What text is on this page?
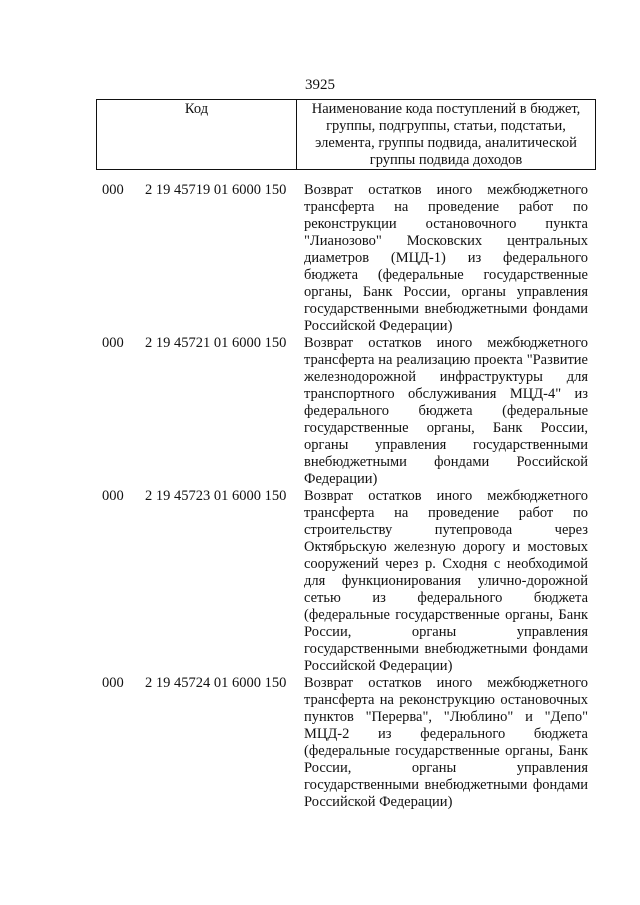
3925
Код	Наименование кода поступлений в бюджет, группы, подгруппы, статьи, подстатьи, элемента, группы подвида, аналитической группы подвида доходов
000 2 19 45719 01 6000 150 Возврат остатков иного межбюджетного
трансферта на проведение работ по
реконструкции остановочного пункта
"Лианозово" Московских центральных
диаметров (МЦД-1) из федерального
бюджета (федеральные государственные
органы, Банк России, органы управления
государственными внебюджетными фондами
Российской Федерации)
000 2 19 45721 01 6000 150 Возврат остатков иного межбюджетного
трансферта на реализацию проекта "Развитие
железнодорожной инфраструктуры для
транспортного обслуживания МЦД-4" из
федерального бюджета (федеральные
государственные органы, Банк России,
органы управления государственными
внебюджетными фондами Российской
Федерации)
000 2 19 45723 01 6000 150 Возврат остатков иного межбюджетного
трансферта на проведение работ по
строительству путепровода через
Октябрьскую железную дорогу и мостовых
сооружений через р. Сходня с необходимой
для функционирования улично-дорожной
сетью из федерального бюджета
(федеральные государственные органы, Банк
России, органы управления
государственными внебюджетными фондами
Российской Федерации)
000 2 19 45724 01 6000 150 Возврат остатков иного межбюджетного
трансферта на реконструкцию остановочных
пунктов "Перерва", "Люблино" и "Депо"
МЦД-2 из федерального бюджета
(федеральные государственные органы, Банк
России, органы управления
государственными внебюджетными фондами
Российской Федерации)
